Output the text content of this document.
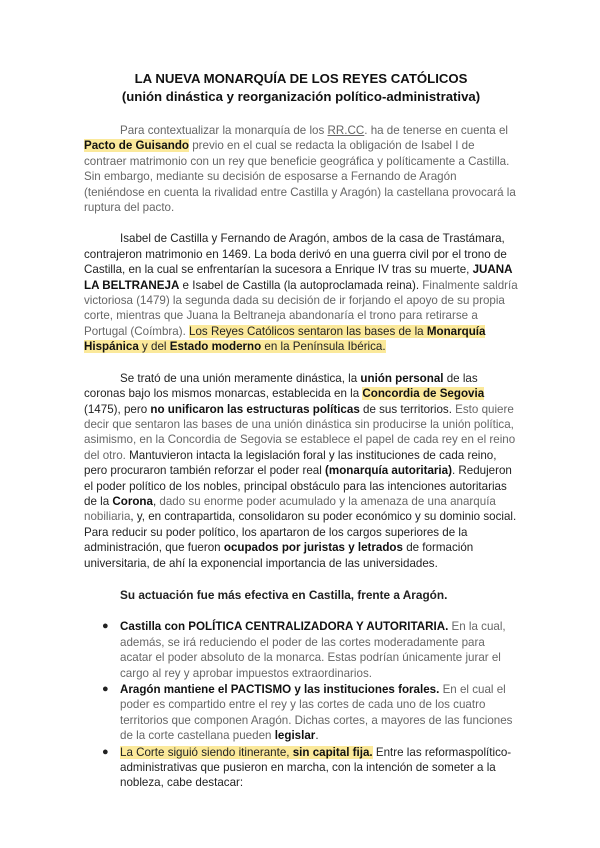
LA NUEVA MONARQUÍA DE LOS REYES CATÓLICOS
(unión dinástica y reorganización político-administrativa)

Para contextualizar la monarquía de los RR.CC. ha de tenerse en cuenta el Pacto de Guisando previo en el cual se redacta la obligación de Isabel I de contraer matrimonio con un rey que beneficie geográfica y políticamente a Castilla. Sin embargo, mediante su decisión de esposarse a Fernando de Aragón (teniéndose en cuenta la rivalidad entre Castilla y Aragón) la castellana provocará la ruptura del pacto.

Isabel de Castilla y Fernando de Aragón, ambos de la casa de Trastámara, contrajeron matrimonio en 1469. La boda derivó en una guerra civil por el trono de Castilla, en la cual se enfrentarían la sucesora a Enrique IV tras su muerte, JUANA LA BELTRANEJA e Isabel de Castilla (la autoproclamada reina). Finalmente saldría victoriosa (1479) la segunda dada su decisión de ir forjando el apoyo de su propia corte, mientras que Juana la Beltraneja abandonaría el trono para retirarse a Portugal (Coímbra). Los Reyes Católicos sentaron las bases de la Monarquía Hispánica y del Estado moderno en la Península Ibérica.

Se trató de una unión meramente dinástica, la unión personal de las coronas bajo los mismos monarcas, establecida en la Concordia de Segovia (1475), pero no unificaron las estructuras políticas de sus territorios. Esto quiere decir que sentaron las bases de una unión dinástica sin producirse la unión política, asimismo, en la Concordia de Segovia se establece el papel de cada rey en el reino del otro. Mantuvieron intacta la legislación foral y las instituciones de cada reino, pero procuraron también reforzar el poder real (monarquía autoritaria). Redujeron el poder político de los nobles, principal obstáculo para las intenciones autoritarias de la Corona, dado su enorme poder acumulado y la amenaza de una anarquía nobiliaria, y, en contrapartida, consolidaron su poder económico y su dominio social. Para reducir su poder político, los apartaron de los cargos superiores de la administración, que fueron ocupados por juristas y letrados de formación universitaria, de ahí la exponencial importancia de las universidades.

Su actuación fue más efectiva en Castilla, frente a Aragón.

● Castilla con POLÍTICA CENTRALIZADORA Y AUTORITARIA. En la cual, además, se irá reduciendo el poder de las cortes moderadamente para acatar el poder absoluto de la monarca. Estas podrían únicamente jurar el cargo al rey y aprobar impuestos extraordinarios.
● Aragón mantiene el PACTISMO y las instituciones forales. En el cual el poder es compartido entre el rey y las cortes de cada uno de los cuatro territorios que componen Aragón. Dichas cortes, a mayores de las funciones de la corte castellana pueden legislar.
● La Corte siguió siendo itinerante, sin capital fija. Entre las reformaspolítico-administrativas que pusieron en marcha, con la intención de someter a la nobleza, cabe destacar:
